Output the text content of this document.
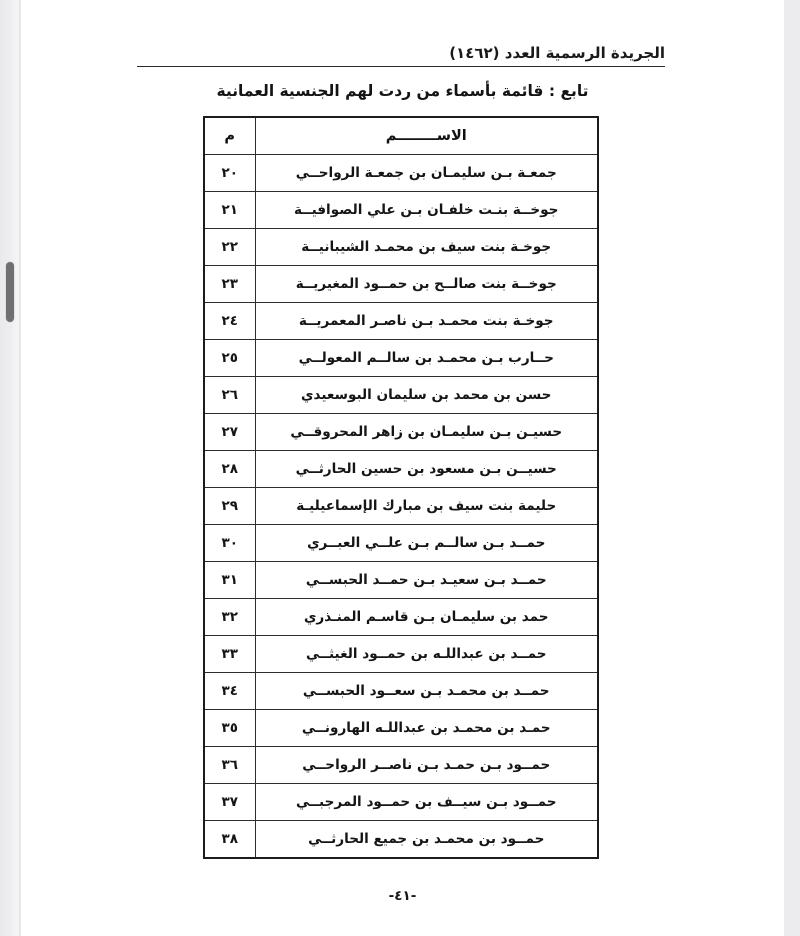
الجريدة الرسمية العدد (١٤٦٢)
تابع : قائمة بأسماء من ردت لهم الجنسية العمانية
الاســــــــم	م
جمعـة بـن سليمـان بن جمعـة الرواحــي	٢٠
جوخــة بنـت خلفـان بـن علي الصوافيــة	٢١
جوخـة بنت سيف بن محمـد الشيبانيــة	٢٢
جوخــة بنت صالــح بن حمــود المغيريــة	٢٣
جوخـة بنت محمـد بـن ناصـر المعمريــة	٢٤
حــارب بـن محمـد بن سالــم المعولــي	٢٥
حسن بن محمد بن سليمان البوسعيدي	٢٦
حسيـن بـن سليمـان بن زاهر المحروقــي	٢٧
حسيــن بـن مسعود بن حسين الحارثــي	٢٨
حليمة بنت سيف بن مبارك الإسماعيليـة	٢٩
حمــد بـن سالــم بـن علــي العبــري	٣٠
حمــد بـن سعيـد بـن حمــد الحبســي	٣١
حمد بن سليمـان بـن قاسـم المنـذري	٣٢
حمــد بن عبداللـه بن حمــود الغيثــي	٣٣
حمــد بن محمـد بـن سعــود الحبســي	٣٤
حمـد بن محمـد بن عبداللـه الهارونــي	٣٥
حمــود بـن حمـد بـن ناصــر الرواحــي	٣٦
حمــود بـن سيــف بن حمــود المرجبــي	٣٧
حمــود بن محمـد بن جميع الحارثــي	٣٨
-٤١-
